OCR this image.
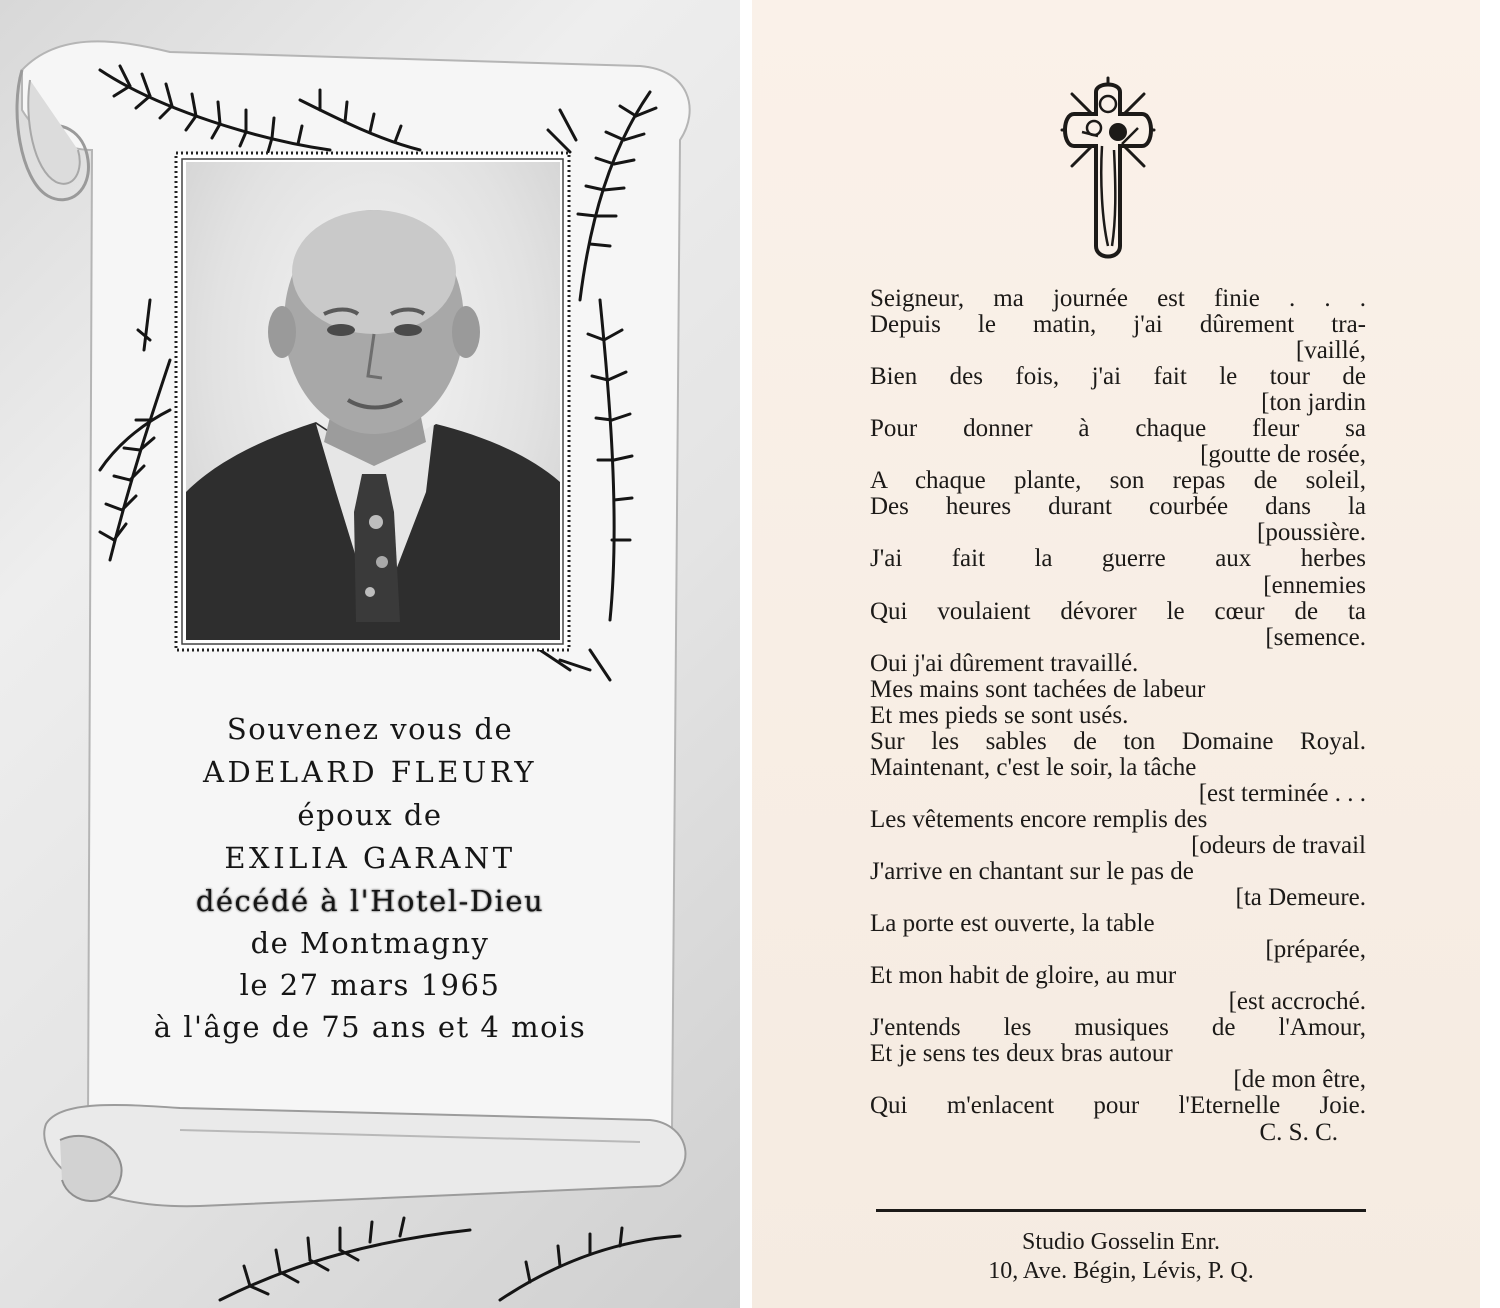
Souvenez vous de
ADELARD FLEURY
époux de
EXILIA GARANT
décédé à l'Hotel-Dieu
de Montmagny
le 27 mars 1965
à l'âge de 75 ans et 4 mois
Seigneur, ma journée est finie . . .
Depuis le matin, j'ai dûrement tra-
[vaillé,
Bien des fois, j'ai fait le tour de
[ton jardin
Pour donner à chaque fleur sa
[goutte de rosée,
A chaque plante, son repas de soleil,
Des heures durant courbée dans la
[poussière.
J'ai fait la guerre aux herbes
[ennemies
Qui voulaient dévorer le cœur de ta
[semence.
Oui j'ai dûrement travaillé.
Mes mains sont tachées de labeur
Et mes pieds se sont usés.
Sur les sables de ton Domaine Royal.
Maintenant, c'est le soir, la tâche
[est terminée . . .
Les vêtements encore remplis des
[odeurs de travail
J'arrive en chantant sur le pas de
[ta Demeure.
La porte est ouverte, la table
[préparée,
Et mon habit de gloire, au mur
[est accroché.
J'entends les musiques de l'Amour,
Et je sens tes deux bras autour
[de mon être,
Qui m'enlacent pour l'Eternelle Joie.
C. S. C.
Studio Gosselin Enr.
10, Ave. Bégin, Lévis, P. Q.
